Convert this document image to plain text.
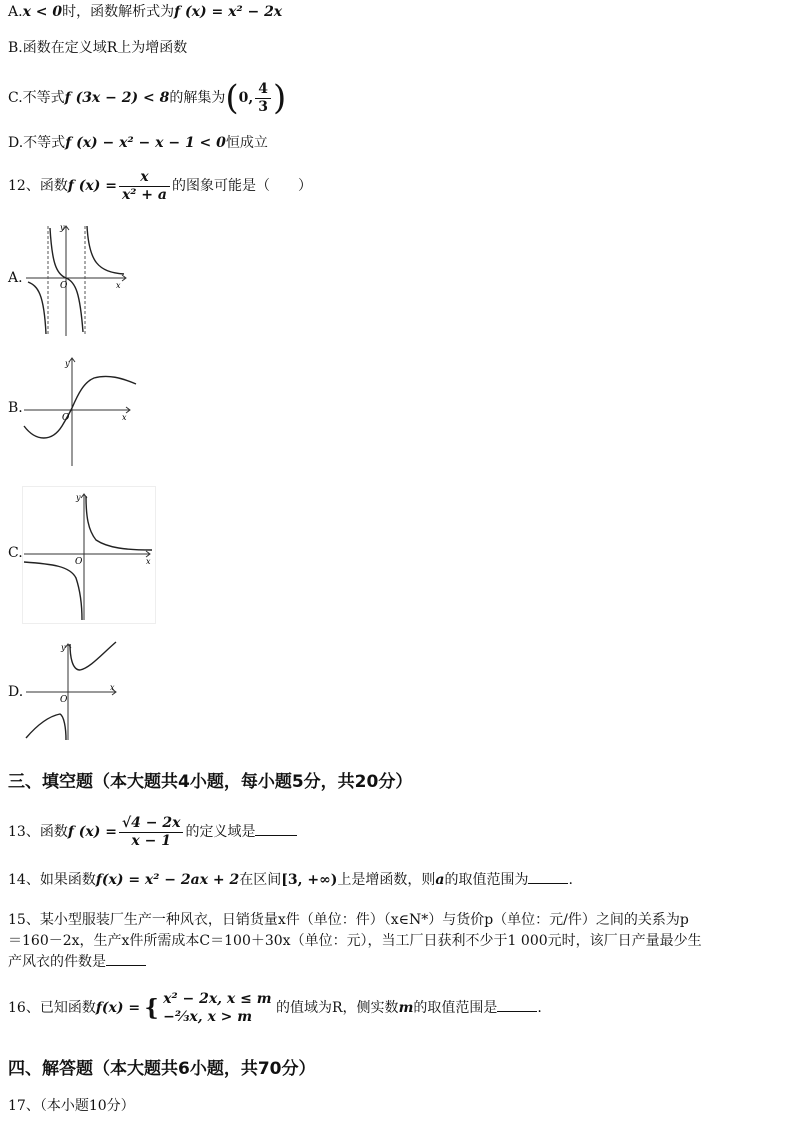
A.x < 0时，函数解析式为f (x) = x² − 2x
B.函数在定义域R上为增函数
C.不等式f (3x − 2) < 8的解集为(0, $\frac{4}{3}$ )
D.不等式f (x) − x² − x − 1 < 0恒成立
12、函数f $(x) = \frac{x}{\text{x² + a}}$ 的图象可能是（　　）
A.
y
O	x
B.
y
O	x
C.
y
O	x
D.
y
O
x
三、填空题（本大题共4小题，每小题5分，共20分）
13、函数f $(x) = \frac{√4 - 2x}{x - 1}$ 的定义域是
14、如果函数f(x) = x² − 2ax + 2在区间[3, +∞)上是增函数，则a的取值范围为	.
15、某小型服装厂生产一种风衣，日销货量x件（单位：件）（x∈N*）与货价p（单位：元/件）之间的关系为p
＝160－2x，生产x件所需成本C＝100＋30x（单位：元），当工厂日获利不少于1 000元时，该厂日产量最少生
产风衣的件数是
16、已知函数f(x) = { x² − 2x, x ≤ m
−⅔x, x > m
的值域为R，侧实数m的取值范围是	.
四、解答题（本大题共6小题，共70分）
17、（本小题10分）
